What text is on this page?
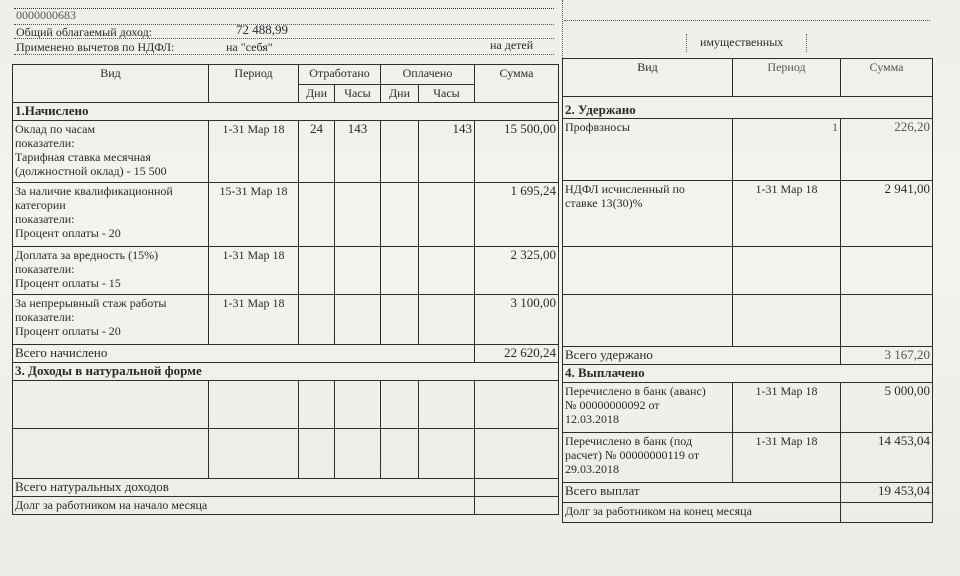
0000000683
Общий облагаемый доход:	72 488,99
Применено вычетов по НДФЛ:	на "себя"	на детей	имущественных
Вид	Период	Отработано		Оплачено		Сумма
		Дни	Часы	Дни	Часы	
1.Начислено						

Оклад по часам
показатели:
Тарифная ставка месячная
(должностной оклад) - 15 500	1-31 Мар 18	24	143		143	15 500,00

За наличие квалификационной
категории
показатели:
Процент оплаты - 20	15-31 Мар 18					1 695,24

Доплата за вредность (15%)
показатели:
Процент оплаты - 15	1-31 Мар 18					2 325,00

За непрерывный стаж работы
показатели:
Процент оплаты - 20	1-31 Мар 18					3 100,00
Всего начислено						22 620,24
3. Доходы в натуральной форме						

Всего натуральных доходов						
Долг за работником на начало месяца						
Вид	Период	Сумма
2. Удержано		
Профвзносы	1	226,20

НДФЛ исчисленный по
ставке 13(30)%	1-31 Мар 18	2 941,00

Всего удержано		3 167,20
4. Выплачено		

Перечислено в банк (аванс)
№ 00000000092 от
12.03.2018	1-31 Мар 18	5 000,00

Перечислено в банк (под
расчет) № 00000000119 от
29.03.2018	1-31 Мар 18	14 453,04
Всего выплат		19 453,04
Долг за работником на конец месяца		
